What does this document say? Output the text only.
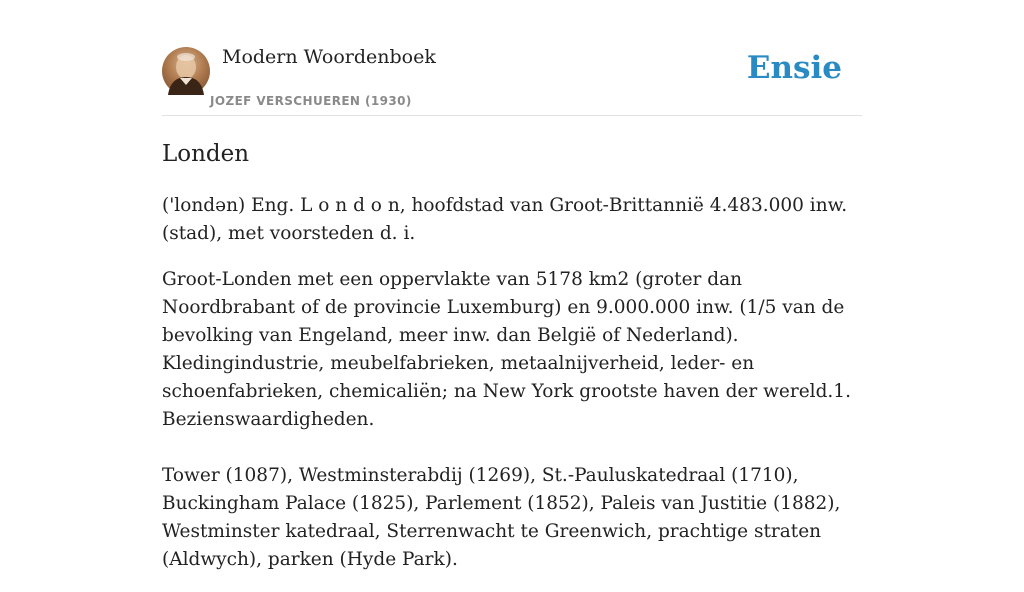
Modern Woordenboek
JOZEF VERSCHUEREN (1930)
Ensie
Londen

('londən) Eng. L o n d o n, hoofdstad van Groot-Brittannië 4.483.000 inw. (stad), met voorsteden d. i.

Groot-Londen met een oppervlakte van 5178 km2 (groter dan Noordbrabant of de provincie Luxemburg) en 9.000.000 inw. (1/5 van de bevolking van Engeland, meer inw. dan België of Nederland). Kledingindustrie, meubelfabrieken, metaalnijverheid, leder- en schoenfabrieken, chemicaliën; na New York grootste haven der wereld.1. Bezienswaardigheden.

Tower (1087), Westminsterabdij (1269), St.-Pauluskatedraal (1710), Buckingham Palace (1825), Parlement (1852), Paleis van Justitie (1882), Westminster katedraal, Sterrenwacht te Greenwich, prachtige straten (Aldwych), parken (Hyde Park).
